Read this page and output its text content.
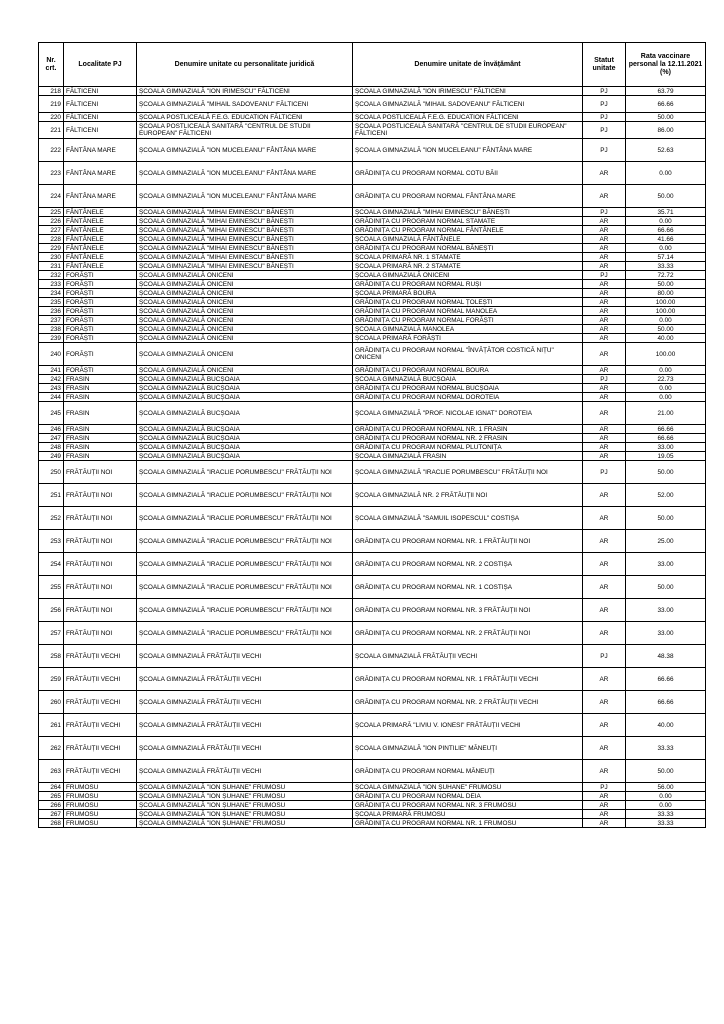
Nr. crt.	Localitate PJ	Denumire unitate cu personalitate juridică	Denumire unitate de învățământ	Statut unitate	Rata vaccinare personal la 12.11.2021 (%)
218	FĂLTICENI	ȘCOALA GIMNAZIALĂ "ION IRIMESCU" FĂLTICENI	ȘCOALA GIMNAZIALĂ "ION IRIMESCU" FĂLTICENI	PJ	63.79
219	FĂLTICENI	ȘCOALA GIMNAZIALĂ "MIHAIL SADOVEANU" FĂLTICENI	ȘCOALA GIMNAZIALĂ "MIHAIL SADOVEANU" FĂLTICENI	PJ	66.66
220	FĂLTICENI	ȘCOALA POSTLICEALĂ F.E.G. EDUCATION FĂLTICENI	ȘCOALA POSTLICEALĂ F.E.G. EDUCATION FĂLTICENI	PJ	50.00
221	FĂLTICENI	ȘCOALA POSTLICEALĂ SANITARĂ "CENTRUL DE STUDII EUROPEAN" FĂLTICENI	ȘCOALA POSTLICEALĂ SANITARĂ "CENTRUL DE STUDII EUROPEAN" FĂLTICENI	PJ	86.00
222	FÂNTÂNA MARE	ȘCOALA GIMNAZIALĂ "ION MUCELEANU" FÂNTÂNA MARE	ȘCOALA GIMNAZIALĂ "ION MUCELEANU" FÂNTÂNA MARE	PJ	52.63
223	FÂNTÂNA MARE	ȘCOALA GIMNAZIALĂ "ION MUCELEANU" FÂNTÂNA MARE	GRĂDINIȚA CU PROGRAM NORMAL COTU BĂII	AR	0.00
224	FÂNTÂNA MARE	ȘCOALA GIMNAZIALĂ "ION MUCELEANU" FÂNTÂNA MARE	GRĂDINIȚA CU PROGRAM NORMAL FÂNTÂNA MARE	AR	50.00
225	FÂNTÂNELE	ȘCOALA GIMNAZIALĂ "MIHAI EMINESCU" BĂNEȘTI	ȘCOALA GIMNAZIALĂ "MIHAI EMINESCU" BĂNEȘTI	PJ	35.71
226	FÂNTÂNELE	ȘCOALA GIMNAZIALĂ "MIHAI EMINESCU" BĂNEȘTI	GRĂDINIȚA CU PROGRAM NORMAL STAMATE	AR	0.00
227	FÂNTÂNELE	ȘCOALA GIMNAZIALĂ "MIHAI EMINESCU" BĂNEȘTI	GRĂDINIȚA CU PROGRAM NORMAL FÂNTÂNELE	AR	66.66
228	FÂNTÂNELE	ȘCOALA GIMNAZIALĂ "MIHAI EMINESCU" BĂNEȘTI	ȘCOALA GIMNAZIALĂ FÂNTÂNELE	AR	41.66
229	FÂNTÂNELE	ȘCOALA GIMNAZIALĂ "MIHAI EMINESCU" BĂNEȘTI	GRĂDINIȚA CU PROGRAM NORMAL BĂNEȘTI	AR	0.00
230	FÂNTÂNELE	ȘCOALA GIMNAZIALĂ "MIHAI EMINESCU" BĂNEȘTI	ȘCOALA PRIMARĂ NR. 1 STAMATE	AR	57.14
231	FÂNTÂNELE	ȘCOALA GIMNAZIALĂ "MIHAI EMINESCU" BĂNEȘTI	ȘCOALA PRIMARĂ NR. 2 STAMATE	AR	33.33
232	FORĂȘTI	ȘCOALA GIMNAZIALĂ ONICENI	ȘCOALA GIMNAZIALĂ ONICENI	PJ	72.72
233	FORĂȘTI	ȘCOALA GIMNAZIALĂ ONICENI	GRĂDINIȚA CU PROGRAM NORMAL RUȘI	AR	50.00
234	FORĂȘTI	ȘCOALA GIMNAZIALĂ ONICENI	ȘCOALA PRIMARĂ BOURA	AR	80.00
235	FORĂȘTI	ȘCOALA GIMNAZIALĂ ONICENI	GRĂDINIȚA CU PROGRAM NORMAL ȚOLEȘTI	AR	100.00
236	FORĂȘTI	ȘCOALA GIMNAZIALĂ ONICENI	GRĂDINIȚA CU PROGRAM NORMAL MANOLEA	AR	100.00
237	FORĂȘTI	ȘCOALA GIMNAZIALĂ ONICENI	GRĂDINIȚA CU PROGRAM NORMAL FORĂȘTI	AR	0.00
238	FORĂȘTI	ȘCOALA GIMNAZIALĂ ONICENI	ȘCOALA GIMNAZIALĂ MANOLEA	AR	50.00
239	FORĂȘTI	ȘCOALA GIMNAZIALĂ ONICENI	ȘCOALA PRIMARĂ FORĂȘTI	AR	40.00
240	FORĂȘTI	ȘCOALA GIMNAZIALĂ ONICENI	GRĂDINIȚA CU PROGRAM NORMAL "ÎNVĂȚĂTOR COSTICĂ NIȚU" ONICENI	AR	100.00
241	FORĂȘTI	ȘCOALA GIMNAZIALĂ ONICENI	GRĂDINIȚA CU PROGRAM NORMAL BOURA	AR	0.00
242	FRASIN	ȘCOALA GIMNAZIALĂ BUCȘOAIA	ȘCOALA GIMNAZIALĂ BUCȘOAIA	PJ	22.73
243	FRASIN	ȘCOALA GIMNAZIALĂ BUCȘOAIA	GRĂDINIȚA CU PROGRAM NORMAL BUCȘOAIA	AR	0.00
244	FRASIN	ȘCOALA GIMNAZIALĂ BUCȘOAIA	GRĂDINIȚA CU PROGRAM NORMAL DOROTEIA	AR	0.00
245	FRASIN	ȘCOALA GIMNAZIALĂ BUCȘOAIA	ȘCOALA GIMNAZIALĂ "PROF. NICOLAE IGNAT" DOROTEIA	AR	21.00
246	FRASIN	ȘCOALA GIMNAZIALĂ BUCȘOAIA	GRĂDINIȚA CU PROGRAM NORMAL NR. 1 FRASIN	AR	66.66
247	FRASIN	ȘCOALA GIMNAZIALĂ BUCȘOAIA	GRĂDINIȚA CU PROGRAM NORMAL NR. 2 FRASIN	AR	66.66
248	FRASIN	ȘCOALA GIMNAZIALĂ BUCȘOAIA	GRĂDINIȚA CU PROGRAM NORMAL PLUTONIȚA	AR	33.00
249	FRASIN	ȘCOALA GIMNAZIALĂ BUCȘOAIA	ȘCOALA GIMNAZIALĂ FRASIN	AR	19.05
250	FRĂTĂUȚII NOI	ȘCOALA GIMNAZIALĂ "IRACLIE PORUMBESCU" FRĂTĂUȚII NOI	ȘCOALA GIMNAZIALĂ "IRACLIE PORUMBESCU" FRĂTĂUȚII NOI	PJ	50.00
251	FRĂTĂUȚII NOI	ȘCOALA GIMNAZIALĂ "IRACLIE PORUMBESCU" FRĂTĂUȚII NOI	ȘCOALA GIMNAZIALĂ NR. 2 FRĂTĂUȚII NOI	AR	52.00
252	FRĂTĂUȚII NOI	ȘCOALA GIMNAZIALĂ "IRACLIE PORUMBESCU" FRĂTĂUȚII NOI	ȘCOALA GIMNAZIALĂ "SAMUIL ISOPESCUL" COSTIȘA	AR	50.00
253	FRĂTĂUȚII NOI	ȘCOALA GIMNAZIALĂ "IRACLIE PORUMBESCU" FRĂTĂUȚII NOI	GRĂDINIȚA CU PROGRAM NORMAL NR. 1 FRĂTĂUȚII NOI	AR	25.00
254	FRĂTĂUȚII NOI	ȘCOALA GIMNAZIALĂ "IRACLIE PORUMBESCU" FRĂTĂUȚII NOI	GRĂDINIȚA CU PROGRAM NORMAL NR. 2 COSTIȘA	AR	33.00
255	FRĂTĂUȚII NOI	ȘCOALA GIMNAZIALĂ "IRACLIE PORUMBESCU" FRĂTĂUȚII NOI	GRĂDINIȚA CU PROGRAM NORMAL NR. 1 COSTIȘA	AR	50.00
256	FRĂTĂUȚII NOI	ȘCOALA GIMNAZIALĂ "IRACLIE PORUMBESCU" FRĂTĂUȚII NOI	GRĂDINIȚA CU PROGRAM NORMAL NR. 3 FRĂTĂUȚII NOI	AR	33.00
257	FRĂTĂUȚII NOI	ȘCOALA GIMNAZIALĂ "IRACLIE PORUMBESCU" FRĂTĂUȚII NOI	GRĂDINIȚA CU PROGRAM NORMAL NR. 2 FRĂTĂUȚII NOI	AR	33.00
258	FRĂTĂUȚII VECHI	ȘCOALA GIMNAZIALĂ FRĂTĂUȚII VECHI	ȘCOALA GIMNAZIALĂ FRĂTĂUȚII VECHI	PJ	48.38
259	FRĂTĂUȚII VECHI	ȘCOALA GIMNAZIALĂ FRĂTĂUȚII VECHI	GRĂDINIȚA CU PROGRAM NORMAL NR. 1 FRĂTĂUȚII VECHI	AR	66.66
260	FRĂTĂUȚII VECHI	ȘCOALA GIMNAZIALĂ FRĂTĂUȚII VECHI	GRĂDINIȚA CU PROGRAM NORMAL NR. 2 FRĂTĂUȚII VECHI	AR	66.66
261	FRĂTĂUȚII VECHI	ȘCOALA GIMNAZIALĂ FRĂTĂUȚII VECHI	ȘCOALA PRIMARĂ "LIVIU V. IONESI" FRĂTĂUȚII VECHI	AR	40.00
262	FRĂTĂUȚII VECHI	ȘCOALA GIMNAZIALĂ FRĂTĂUȚII VECHI	ȘCOALA GIMNAZIALĂ "ION PINTILIE" MĂNEUȚI	AR	33.33
263	FRĂTĂUȚII VECHI	ȘCOALA GIMNAZIALĂ FRĂTĂUȚII VECHI	GRĂDINIȚA CU PROGRAM NORMAL MĂNEUȚI	AR	50.00
264	FRUMOSU	ȘCOALA GIMNAZIALĂ "ION ȘUHANE" FRUMOSU	ȘCOALA GIMNAZIALĂ "ION ȘUHANE" FRUMOSU	PJ	56.00
265	FRUMOSU	ȘCOALA GIMNAZIALĂ "ION ȘUHANE" FRUMOSU	GRĂDINIȚA CU PROGRAM NORMAL DEIA	AR	0.00
266	FRUMOSU	ȘCOALA GIMNAZIALĂ "ION ȘUHANE" FRUMOSU	GRĂDINIȚA CU PROGRAM NORMAL NR. 3 FRUMOSU	AR	0.00
267	FRUMOSU	ȘCOALA GIMNAZIALĂ "ION ȘUHANE" FRUMOSU	ȘCOALA PRIMARĂ FRUMOSU	AR	33.33
268	FRUMOSU	ȘCOALA GIMNAZIALĂ "ION ȘUHANE" FRUMOSU	GRĂDINIȚA CU PROGRAM NORMAL NR. 1 FRUMOSU	AR	33.33
